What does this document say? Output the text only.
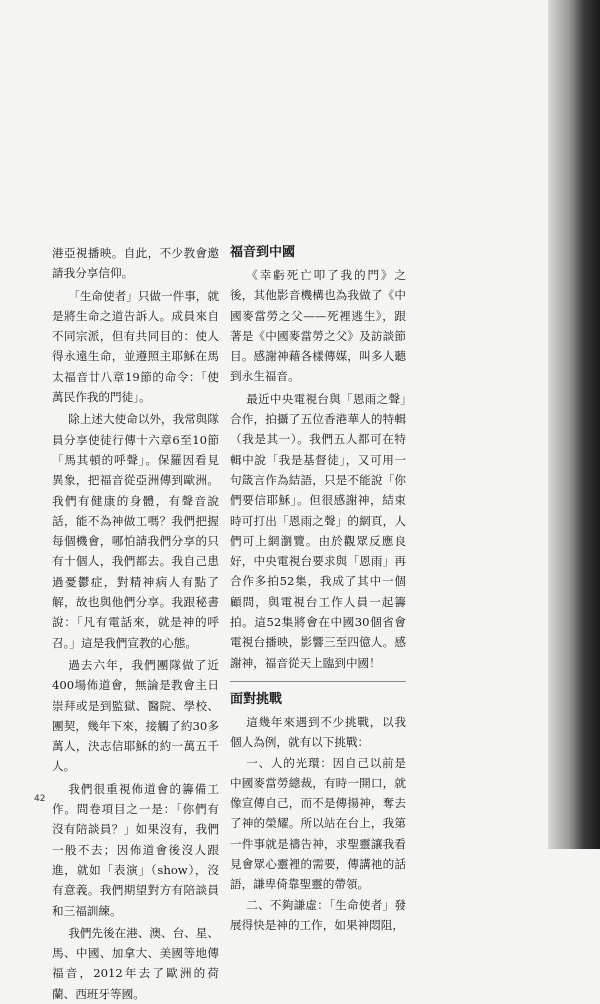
港亞視播映。自此，不少教會邀請我分享信仰。

「生命使者」只做一件事，就是將生命之道告訴人。成員來自不同宗派，但有共同目的：使人得永遠生命，並遵照主耶穌在馬太福音廿八章19節的命令：「使萬民作我的門徒」。

除上述大使命以外，我常與隊員分享使徒行傳十六章6至10節「馬其頓的呼聲」。保羅因看見異象，把福音從亞洲傳到歐洲。我們有健康的身體，有聲音說話，能不為神做工嗎？我們把握每個機會，哪怕請我們分享的只有十個人，我們都去。我自己患過憂鬱症，對精神病人有點了解，故也與他們分享。我跟秘書說：「凡有電話來，就是神的呼召。」這是我們宣教的心態。

過去六年，我們團隊做了近400場佈道會，無論是教會主日崇拜或是到監獄、醫院、學校、團契，幾年下來，接觸了約30多萬人，決志信耶穌的約一萬五千人。

我們很重視佈道會的籌備工作。問卷項目之一是：「你們有沒有陪談員？」如果沒有，我們一般不去；因佈道會後沒人跟進，就如「表演」（show），沒有意義。我們期望對方有陪談員和三福訓練。

我們先後在港、澳、台、星、馬、中國、加拿大、美國等地傳福音，2012年去了歐洲的荷蘭、西班牙等國。

福音到中國

《幸虧死亡叩了我的門》之後，其他影音機構也為我做了《中國麥當勞之父——死裡逃生》，跟著是《中國麥當勞之父》及訪談節目。感謝神藉各樣傳媒，叫多人聽到永生福音。

最近中央電視台與「恩雨之聲」合作，拍攝了五位香港華人的特輯（我是其一）。我們五人都可在特輯中說「我是基督徒」，又可用一句箴言作為結語，只是不能說「你們要信耶穌」。但很感謝神，結束時可打出「恩雨之聲」的網頁，人們可上網瀏覽。由於觀眾反應良好，中央電視台要求與「恩雨」再合作多拍52集，我成了其中一個顧問，與電視台工作人員一起籌拍。這52集將會在中國30個省會電視台播映，影響三至四億人。感謝神，福音從天上臨到中國！

面對挑戰

這幾年來遇到不少挑戰，以我個人為例，就有以下挑戰：

一、人的光環：因自己以前是中國麥當勞總裁，有時一開口，就像宣傳自己，而不是傳揚神，奪去了神的榮耀。所以站在台上，我第一件事就是禱告神，求聖靈讓我看見會眾心靈裡的需要，傳講祂的話語，謙卑倚靠聖靈的帶領。

二、不夠謙虛：「生命使者」發展得快是神的工作，如果神悶阻，

42
